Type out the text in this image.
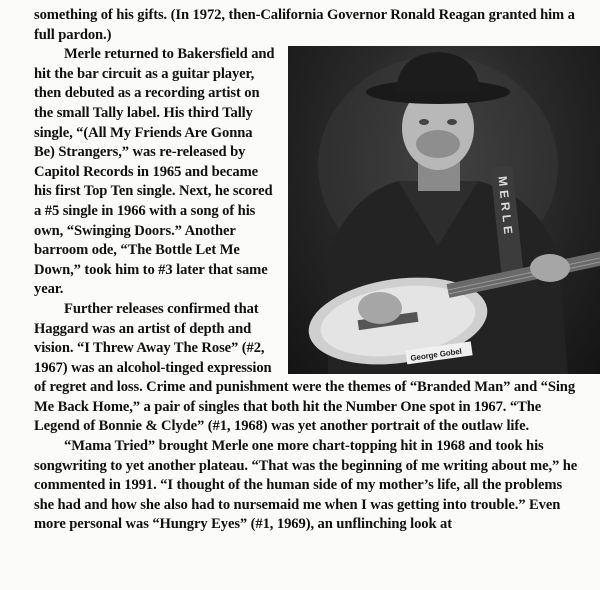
something of his gifts. (In 1972, then-California Governor Ronald Reagan granted him a full pardon.)

MERLE
George Gobel

Merle returned to Bakersfield and hit the bar circuit as a guitar player, then debuted as a recording artist on the small Tally label. His third Tally single, “(All My Friends Are Gonna Be) Strangers,” was re-released by Capitol Records in 1965 and became his first Top Ten single. Next, he scored a #5 single in 1966 with a song of his own, “Swinging Doors.” Another barroom ode, “The Bottle Let Me Down,” took him to #3 later that same year.

Further releases confirmed that Haggard was an artist of depth and vision. “I Threw Away The Rose” (#2, 1967) was an alcohol-tinged expression of regret and loss. Crime and punishment were the themes of “Branded Man” and “Sing Me Back Home,” a pair of singles that both hit the Number One spot in 1967. “The Legend of Bonnie & Clyde” (#1, 1968) was yet another portrait of the outlaw life.

“Mama Tried” brought Merle one more chart-topping hit in 1968 and took his songwriting to yet another plateau. “That was the beginning of me writing about me,” he commented in 1991. “I thought of the human side of my mother’s life, all the problems she had and how she also had to nursemaid me when I was getting into trouble.” Even more personal was “Hungry Eyes” (#1, 1969), an unflinching look at
